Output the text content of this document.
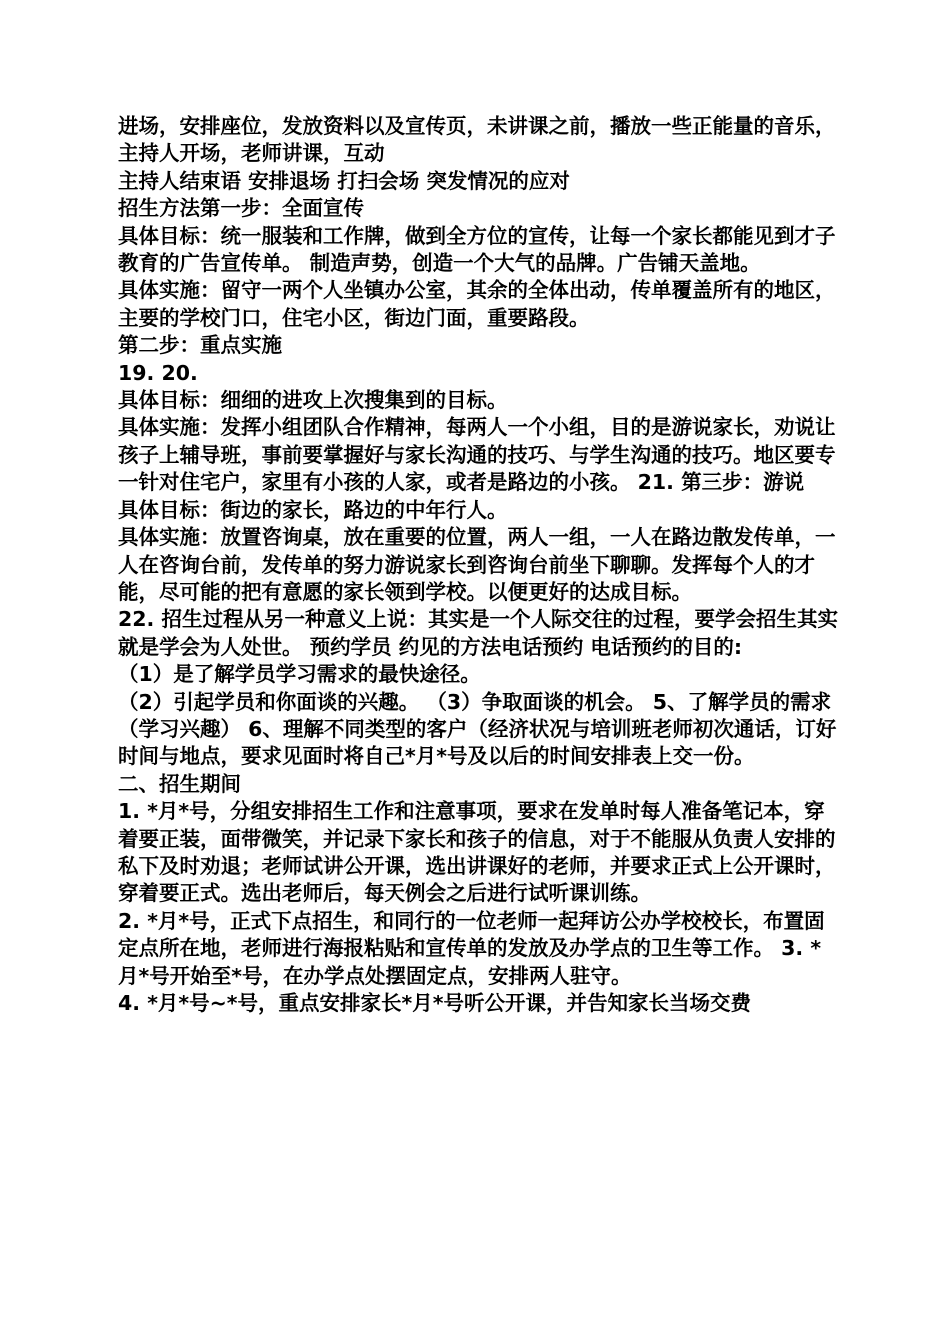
进场，安排座位，发放资料以及宣传页，未讲课之前，播放一些正能量的音乐，主持人开场，老师讲课，互动

主持人结束语 安排退场 打扫会场 突发情况的应对

招生方法第一步：全面宣传

具体目标：统一服装和工作牌，做到全方位的宣传，让每一个家长都能见到才子教育的广告宣传单。 制造声势，创造一个大气的品牌。广告铺天盖地。

具体实施：留守一两个人坐镇办公室，其余的全体出动，传单覆盖所有的地区，主要的学校门口，住宅小区，街边门面，重要路段。

第二步：重点实施

19. 20.

具体目标：细细的进攻上次搜集到的目标。

具体实施：发挥小组团队合作精神，每两人一个小组，目的是游说家长，劝说让孩子上辅导班，事前要掌握好与家长沟通的技巧、与学生沟通的技巧。地区要专一针对住宅户，家里有小孩的人家，或者是路边的小孩。 21. 第三步：游说

具体目标：街边的家长，路边的中年行人。

具体实施：放置咨询桌，放在重要的位置，两人一组，一人在路边散发传单，一人在咨询台前，发传单的努力游说家长到咨询台前坐下聊聊。发挥每个人的才能，尽可能的把有意愿的家长领到学校。以便更好的达成目标。

22. 招生过程从另一种意义上说：其实是一个人际交往的过程，要学会招生其实就是学会为人处世。 预约学员 约见的方法电话预约 电话预约的目的:

（1）是了解学员学习需求的最快途径。

（2）引起学员和你面谈的兴趣。 （3）争取面谈的机会。 5、了解学员的需求（学习兴趣） 6、理解不同类型的客户（经济状况与培训班老师初次通话，订好时间与地点，要求见面时将自己*月*号及以后的时间安排表上交一份。

二、招生期间

1. *月*号，分组安排招生工作和注意事项，要求在发单时每人准备笔记本，穿着要正装，面带微笑，并记录下家长和孩子的信息，对于不能服从负责人安排的私下及时劝退；老师试讲公开课，选出讲课好的老师，并要求正式上公开课时，穿着要正式。选出老师后，每天例会之后进行试听课训练。

2. *月*号，正式下点招生，和同行的一位老师一起拜访公办学校校长，布置固定点所在地，老师进行海报粘贴和宣传单的发放及办学点的卫生等工作。 3. *月*号开始至*号，在办学点处摆固定点，安排两人驻守。

4. *月*号~*号，重点安排家长*月*号听公开课，并告知家长当场交费
